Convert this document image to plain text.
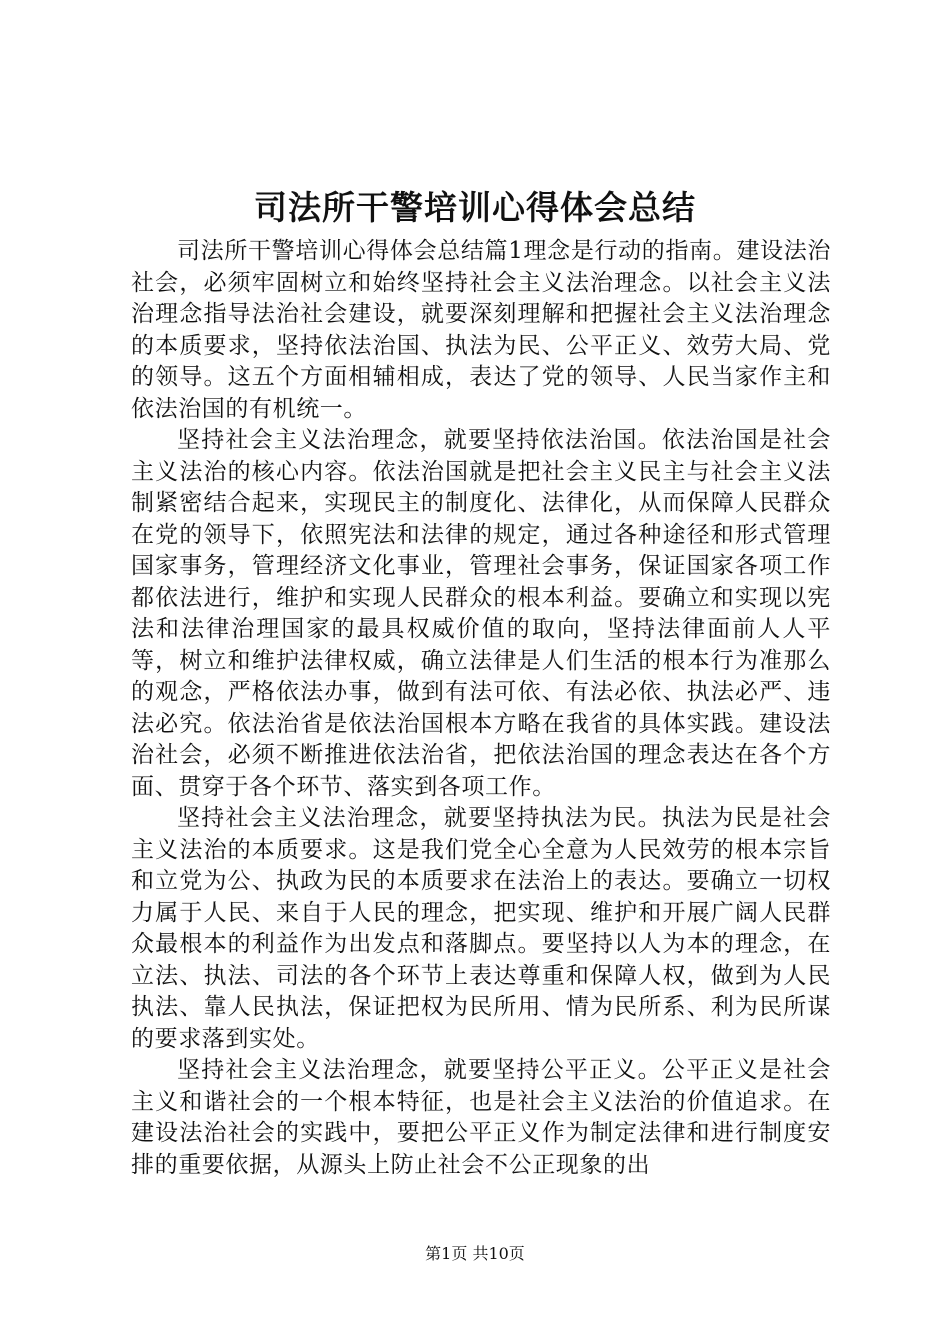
司法所干警培训心得体会总结

司法所干警培训心得体会总结篇1理念是行动的指南。建设法治社会，必须牢固树立和始终坚持社会主义法治理念。以社会主义法治理念指导法治社会建设，就要深刻理解和把握社会主义法治理念的本质要求，坚持依法治国、执法为民、公平正义、效劳大局、党的领导。这五个方面相辅相成，表达了党的领导、人民当家作主和依法治国的有机统一。

坚持社会主义法治理念，就要坚持依法治国。依法治国是社会主义法治的核心内容。依法治国就是把社会主义民主与社会主义法制紧密结合起来，实现民主的制度化、法律化，从而保障人民群众在党的领导下，依照宪法和法律的规定，通过各种途径和形式管理国家事务，管理经济文化事业，管理社会事务，保证国家各项工作都依法进行，维护和实现人民群众的根本利益。要确立和实现以宪法和法律治理国家的最具权威价值的取向，坚持法律面前人人平等，树立和维护法律权威，确立法律是人们生活的根本行为准那么的观念，严格依法办事，做到有法可依、有法必依、执法必严、违法必究。依法治省是依法治国根本方略在我省的具体实践。建设法治社会，必须不断推进依法治省，把依法治国的理念表达在各个方面、贯穿于各个环节、落实到各项工作。

坚持社会主义法治理念，就要坚持执法为民。执法为民是社会主义法治的本质要求。这是我们党全心全意为人民效劳的根本宗旨和立党为公、执政为民的本质要求在法治上的表达。要确立一切权力属于人民、来自于人民的理念，把实现、维护和开展广阔人民群众最根本的利益作为出发点和落脚点。要坚持以人为本的理念，在立法、执法、司法的各个环节上表达尊重和保障人权，做到为人民执法、靠人民执法，保证把权为民所用、情为民所系、利为民所谋的要求落到实处。

坚持社会主义法治理念，就要坚持公平正义。公平正义是社会主义和谐社会的一个根本特征，也是社会主义法治的价值追求。在建设法治社会的实践中，要把公平正义作为制定法律和进行制度安排的重要依据，从源头上防止社会不公正现象的出

第1页 共10页
